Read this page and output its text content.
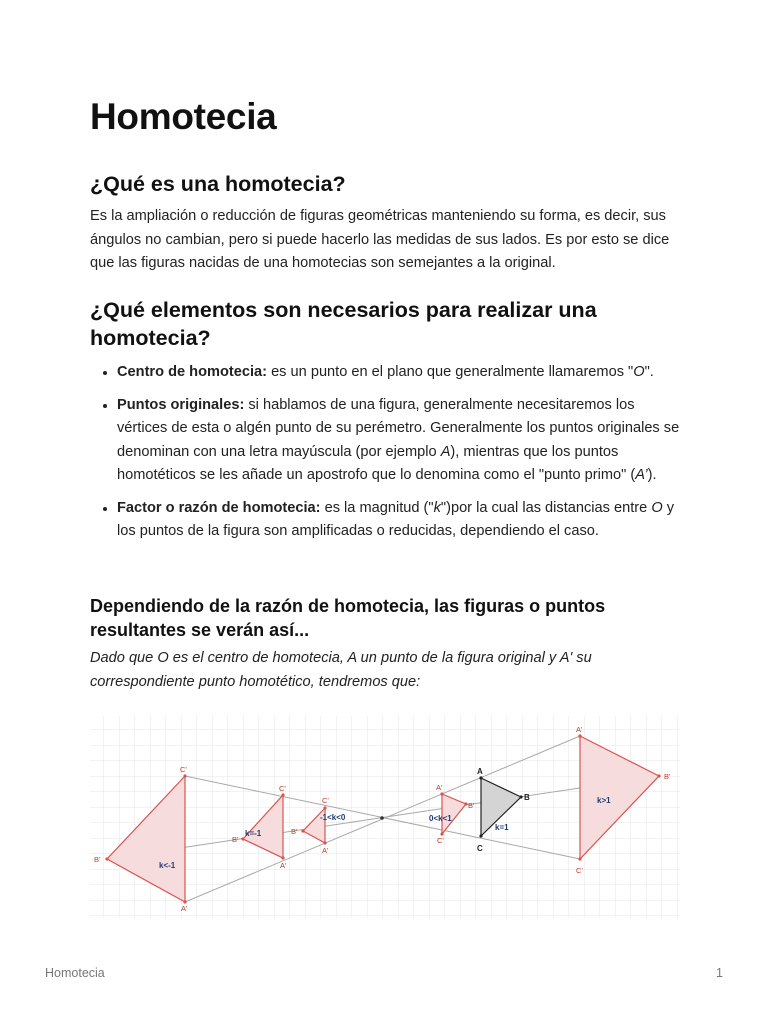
Homotecia
¿Qué es una homotecia?

Es la ampliación o reducción de figuras geométricas manteniendo su forma, es decir, sus ángulos no cambian, pero si puede hacerlo las medidas de sus lados. Es por esto se dice que las figuras nacidas de una homotecias son semejantes a la original.

¿Qué elementos son necesarios para realizar una homotecia?
• Centro de homotecia: es un punto en el plano que generalmente llamaremos "O".
• Puntos originales: si hablamos de una figura, generalmente necesitaremos los vértices de esta o algén punto de su perémetro. Generalmente los puntos originales se denominan con una letra mayúscula (por ejemplo A), mientras que los puntos homotéticos se les añade un apostrofo que lo denomina como el "punto primo" (A’).
• Factor o razón de homotecia: es la magnitud ("k")por la cual las distancias entre O y los puntos de la figura son amplificadas o reducidas, dependiendo el caso.
Dependiendo de la razón de homotecia, las figuras o puntos resultantes se verán así...

Dado que O es el centro de homotecia, A un punto de la figura original y A' su correspondiente punto homotético, tendremos que:

C'
B'
A'
C'
B'
A'
C'
B'
A'
A'
B'
C'
A'
B'
C'
A
B
C
k<-1
k=-1
-1<k<0	0<k<1
k=1
k>1
Homotecia	1
